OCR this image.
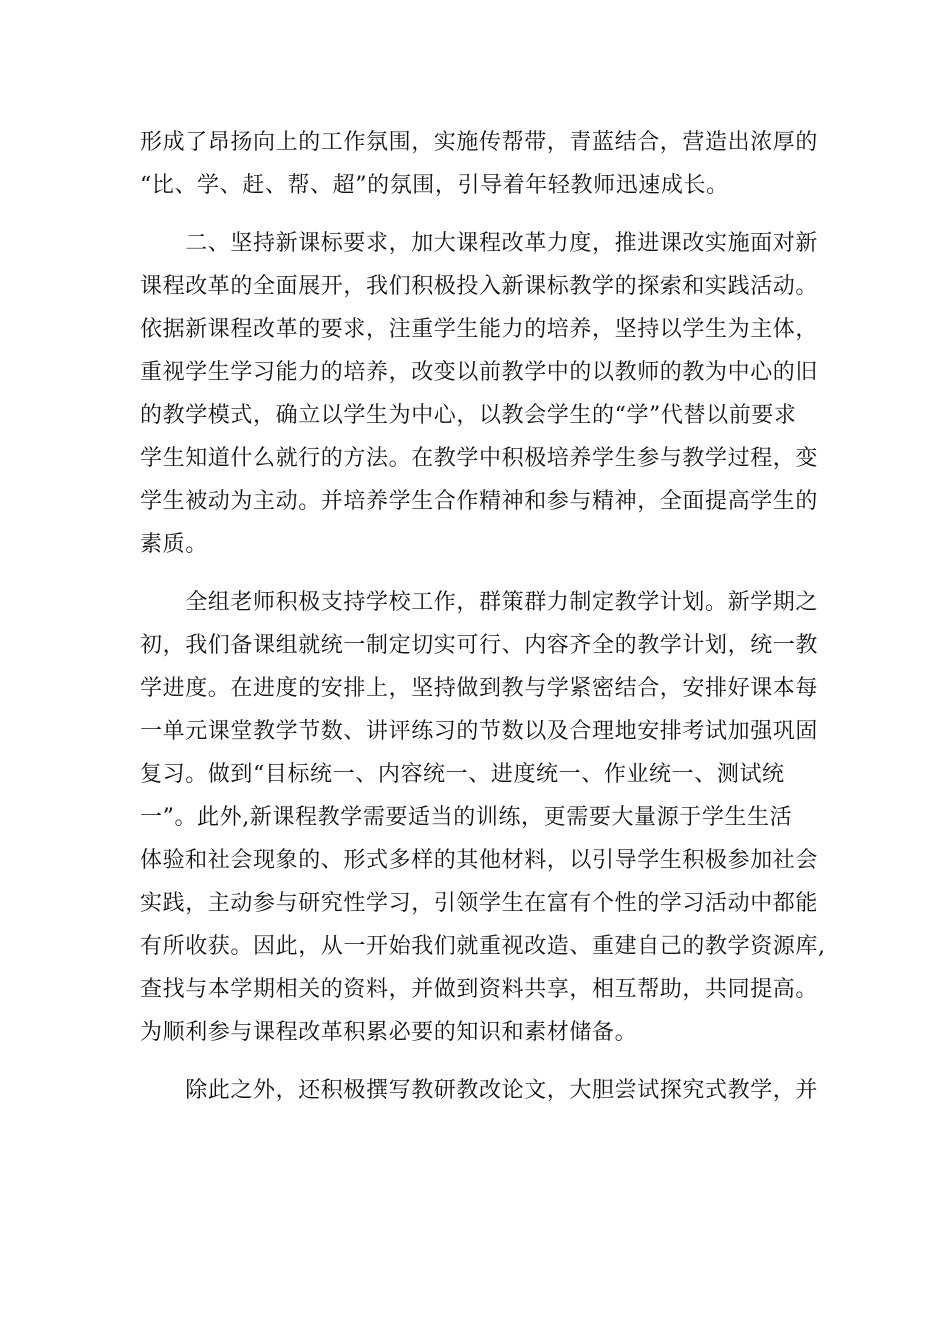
形成了昂扬向上的工作氛围，实施传帮带，青蓝结合，营造出浓厚的
“比、学、赶、帮、超”的氛围，引导着年轻教师迅速成长。
　　二、坚持新课标要求，加大课程改革力度，推进课改实施面对新
课程改革的全面展开，我们积极投入新课标教学的探索和实践活动。
依据新课程改革的要求，注重学生能力的培养，坚持以学生为主体，
重视学生学习能力的培养，改变以前教学中的以教师的教为中心的旧
的教学模式，确立以学生为中心，以教会学生的“学”代替以前要求
学生知道什么就行的方法。在教学中积极培养学生参与教学过程，变
学生被动为主动。并培养学生合作精神和参与精神，全面提高学生的
素质。
　　全组老师积极支持学校工作，群策群力制定教学计划。新学期之
初，我们备课组就统一制定切实可行、内容齐全的教学计划，统一教
学进度。在进度的安排上，坚持做到教与学紧密结合，安排好课本每
一单元课堂教学节数、讲评练习的节数以及合理地安排考试加强巩固
复习。做到“目标统一、内容统一、进度统一、作业统一、测试统
一”。此外,新课程教学需要适当的训练，更需要大量源于学生生活
体验和社会现象的、形式多样的其他材料，以引导学生积极参加社会
实践，主动参与研究性学习，引领学生在富有个性的学习活动中都能
有所收获。因此，从一开始我们就重视改造、重建自己的教学资源库,
查找与本学期相关的资料，并做到资料共享，相互帮助，共同提高。
为顺利参与课程改革积累必要的知识和素材储备。
　　除此之外，还积极撰写教研教改论文，大胆尝试探究式教学，并
